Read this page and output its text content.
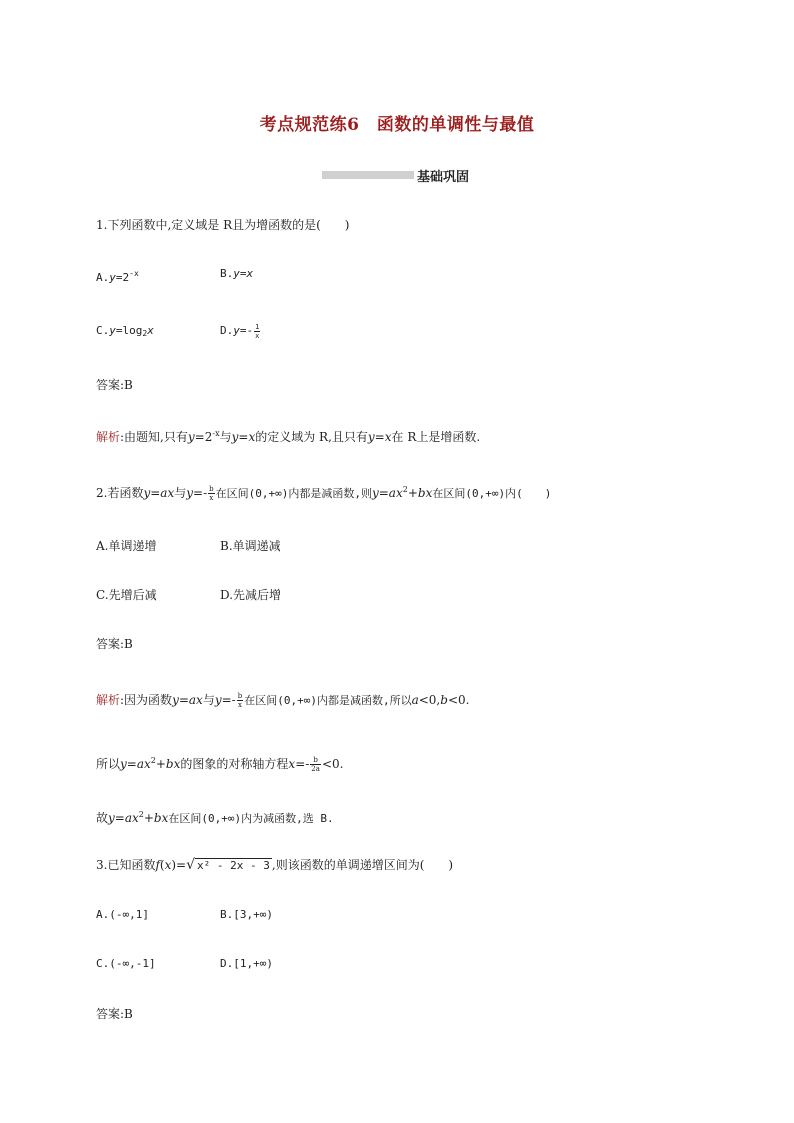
考点规范练6　函数的单调性与最值
基础巩固
1.下列函数中,定义域是 R且为增函数的是(　　)
$A.y=2^{-x}$	B.y=x
$C.y=\log_2x$	$D.y=- \frac{1}{x}$
答案:B
解析:由题知,只有$y=2^{-x}$与y=x的定义域为 R,且只有y=x在 R上是增函数.
2.若函数y=ax与$y=- \frac{b}{x}$ 在区间(0,+∞)内都是减函数,则$y=ax^2+bx$在区间(0,+∞)内(　　)
A.单调递增	B.单调递减
C.先增后减	D.先减后增
答案:B
解析:因为函数y=ax与$y=- \frac{b}{x}$ 在区间(0,+∞)内都是减函数,所以a<0,b<0.
所以$y=ax^2+bx$的图象的对称轴方程$x=- \frac{b}{2a} <0$.
故$y=ax^2+bx$在区间(0,+∞)内为减函数,选 B.
3.已知函数f(x)=√ x² - 2x - 3 ,则该函数的单调递增区间为(　　)
A.(-∞,1]	B.[3,+∞)
C.(-∞,-1]	D.[1,+∞)
答案:B
